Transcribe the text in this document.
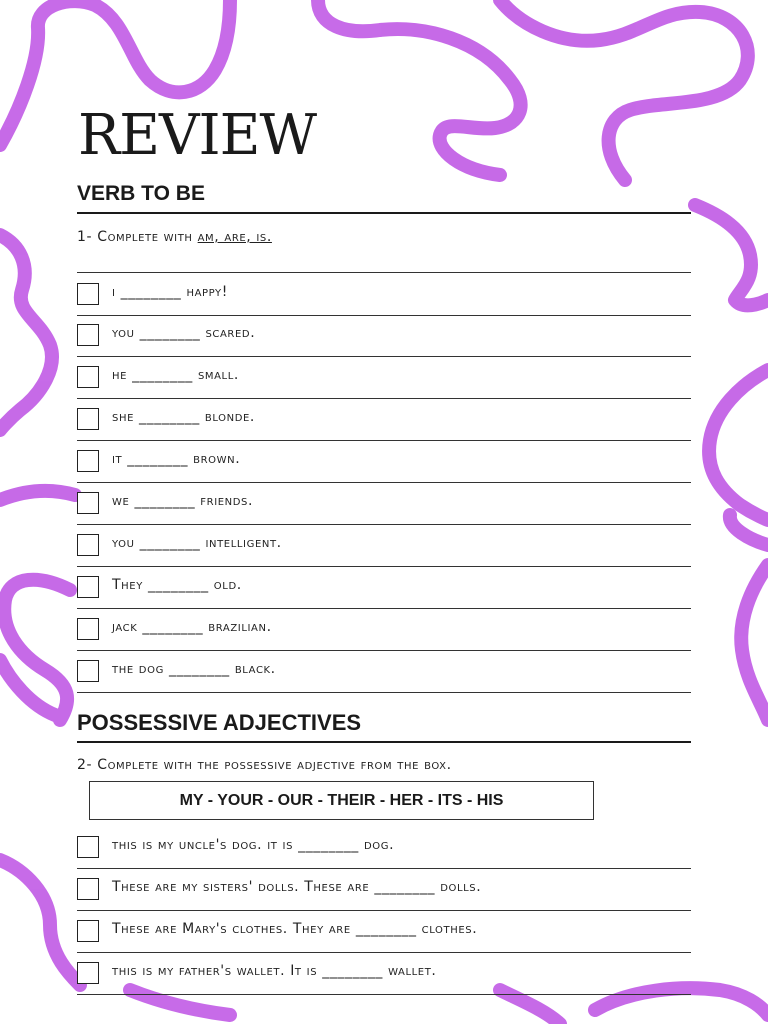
REVIEW
VERB TO BE
1- Complete with am, are, is.
i ________ happy!
you ________ scared.
he ________ small.
she ________ blonde.
it ________ brown.
we ________ friends.
you ________ intelligent.
They ________ old.
jack ________ brazilian.
the dog ________ black.
POSSESSIVE ADJECTIVES
2- Complete with the possessive adjective from the box.
MY - YOUR - OUR - THEIR - HER - ITS - HIS
this is my uncle's dog. it is ________ dog.
These are my sisters' dolls. These are ________ dolls.
These are Mary's clothes. They are ________ clothes.
this is my father's wallet. It is ________ wallet.
